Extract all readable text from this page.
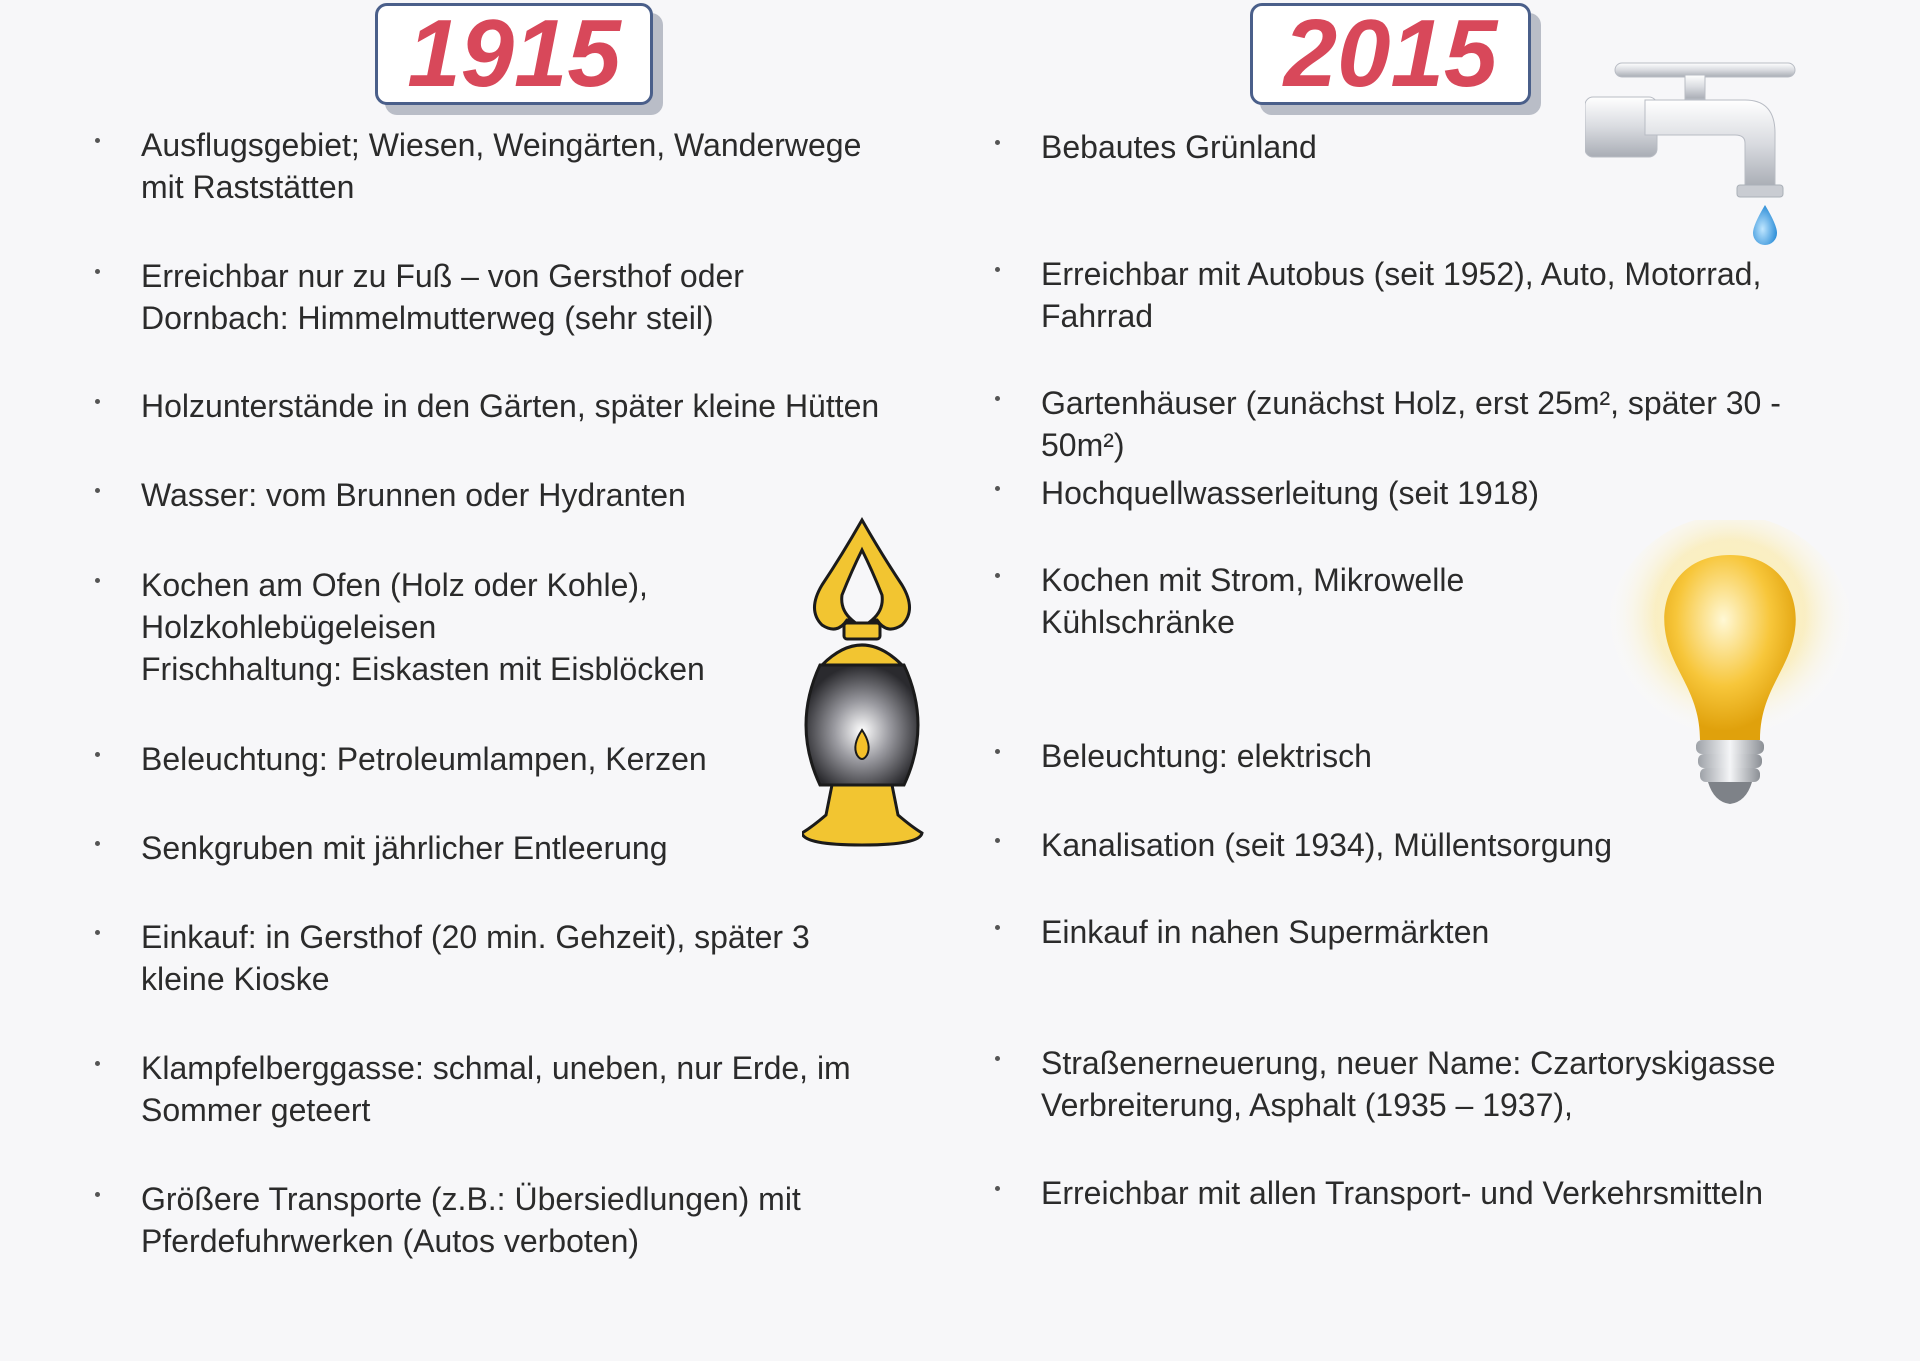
1915	2015
Ausflugsgebiet; Wiesen, Weingärten, Wanderwege
mit Raststätten
Erreichbar nur zu Fuß – von Gersthof oder
Dornbach: Himmelmutterweg (sehr steil)
Holzunterstände in den Gärten, später kleine Hütten
Wasser: vom Brunnen oder Hydranten
Kochen am Ofen (Holz oder Kohle),
Holzkohlebügeleisen
Frischhaltung: Eiskasten mit Eisblöcken
Beleuchtung: Petroleumlampen, Kerzen
Senkgruben mit jährlicher Entleerung
Einkauf: in Gersthof (20 min. Gehzeit), später 3
kleine Kioske
Klampfelberggasse: schmal, uneben, nur Erde, im
Sommer geteert
Größere Transporte (z.B.: Übersiedlungen) mit
Pferdefuhrwerken (Autos verboten)
Bebautes Grünland
Erreichbar mit Autobus (seit 1952), Auto, Motorrad,
Fahrrad
Gartenhäuser (zunächst Holz, erst 25m², später 30 -
50m²)
Hochquellwasserleitung (seit 1918)
Kochen mit Strom, Mikrowelle
Kühlschränke
Beleuchtung: elektrisch
Kanalisation (seit 1934), Müllentsorgung
Einkauf in nahen Supermärkten
Straßenerneuerung, neuer Name: Czartoryskigasse
Verbreiterung, Asphalt (1935 – 1937),
Erreichbar mit allen Transport- und Verkehrsmitteln
